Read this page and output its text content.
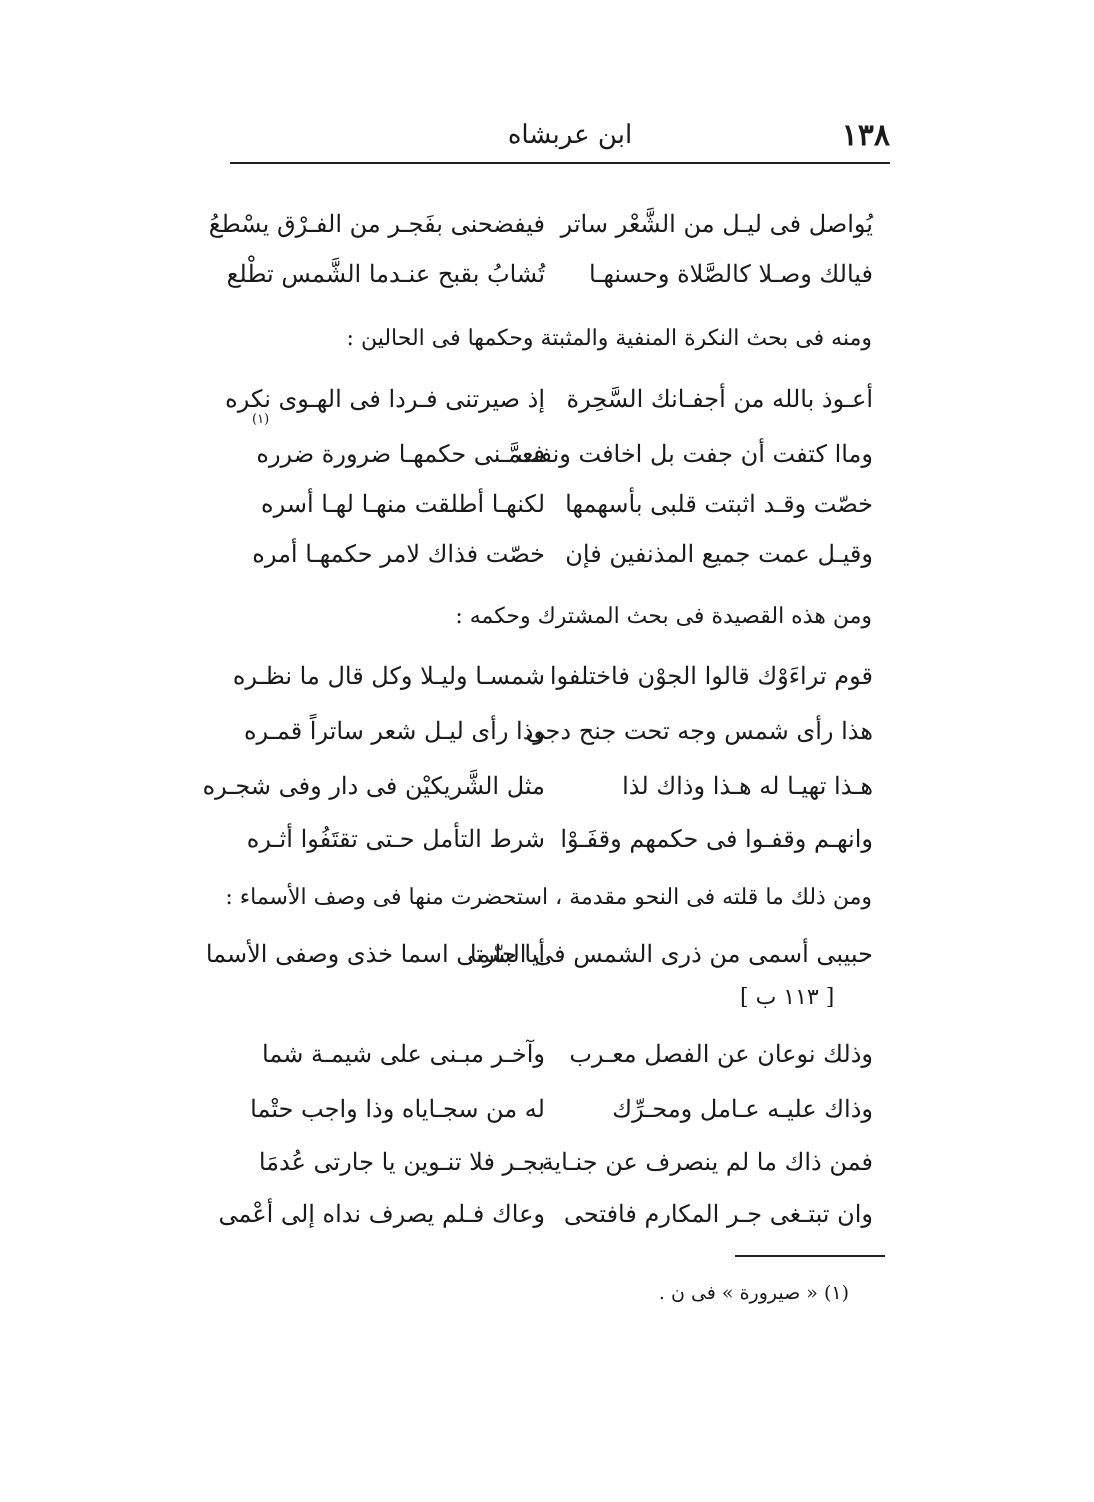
١٣٨
ابن عربشاه
يُواصل فى ليـل من الشَّعْر ساتر
فيفضحنى بفَجـر من الفـرْق يسْطعُ
فيالك وصـلا كالصَّلاة وحسنهـا
تُشابُ بقبح عنـدما الشَّمس تطْلع
ومنه فى بحث النكرة المنفية والمثبتة وحكمها فى الحالين :
أعـوذ بالله من أجفـانك السَّحِرة
إذ صيرتنى فـردا فى الهـوى نكره
(١)
وماا كتفت أن جفت بل اخافت ونفت
فعمَّـنى حكمهـا ضرورة ضرره
خصّت وقـد اثبتت قلبى بأسهمها
لكنهـا أطلقت منهـا لهـا أسره
وقيـل عمت جميع المذنفين فإن
خصّت فذاك لامر حكمهـا أمره
ومن هذه القصيدة فى بحث المشترك وحكمه :
قوم تراءَوْك قالوا الجوْن فاختلفوا
شمسـا وليـلا وكل قال ما نظـره
هذا رأى شمس وجه تحت جنح دجى
وذا رأى ليـل شعر ساتراً قمـره
هـذا تهيـا له هـذا وذاك لذا
مثل الشَّريكيْن فى دار وفى شجـره
وانهـم وقفـوا فى حكمهم وقفَـوْا
شرط التأمل حـتى تقتَفُوا أثـره
ومن ذلك ما قلته فى النحو مقدمة ، استحضرت منها فى وصف الأسماء :
حبيبى أسمى من ذرى الشمس فى السّما
أيا جارتى اسما خذى وصفى الأسما
[ ١١٣ ب ]
وذلك نوعان عن الفصل معـرب
وآخـر مبـنى على شيمـة شما
وذاك عليـه عـامل ومحـرِّك
له من سجـاياه وذا واجب حتْما
فمن ذاك ما لم ينصرف عن جنـاية
بجـر فلا تنـوين يا جارتى عُدمَا
وان تبتـغى جـر المكارم فافتحى
وعاك فـلم يصرف نداه إلى أعْمى
(١) « صيرورة » فى ن .
